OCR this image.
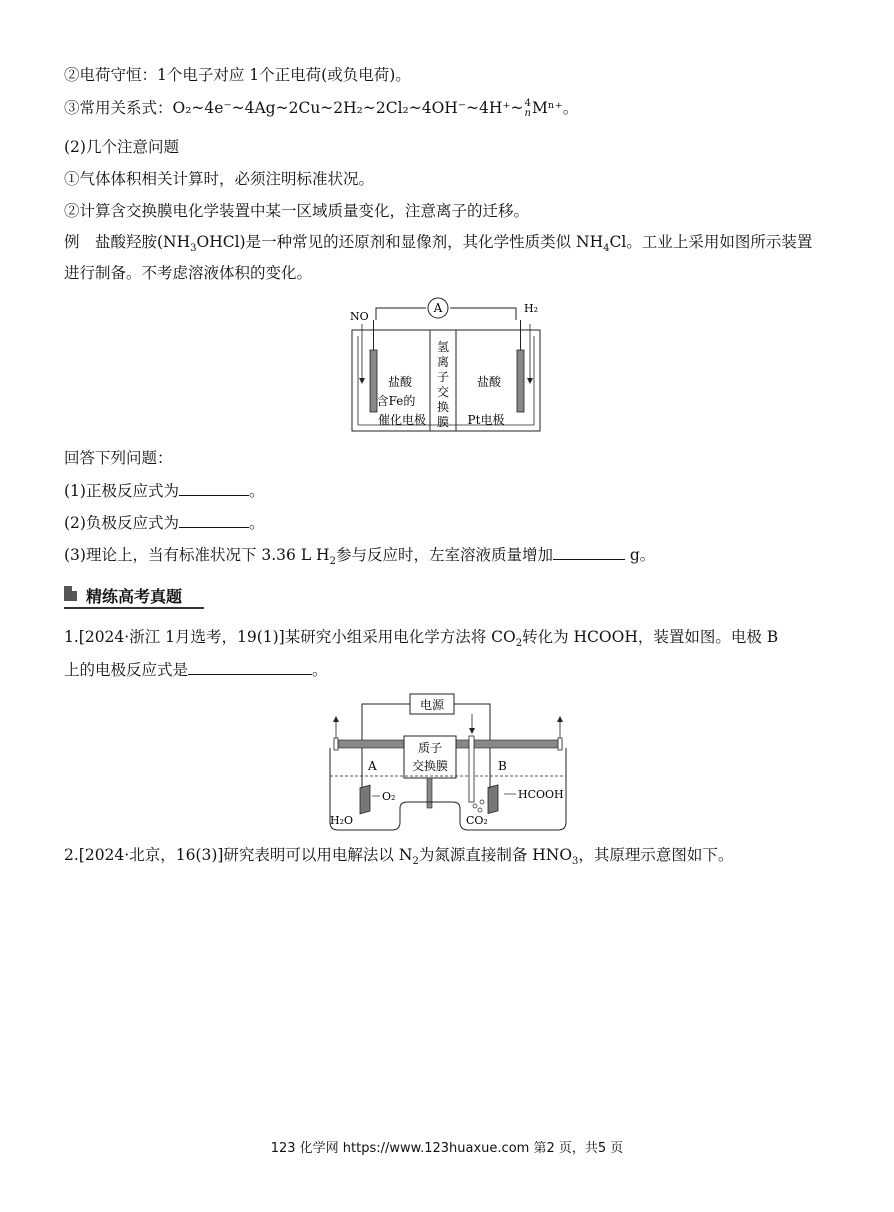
②电荷守恒：1个电子对应 1个正电荷(或负电荷)。
③常用关系式：O₂~4e⁻~4Ag~2Cu~2H₂~2Cl₂~4OH⁻~4H⁺~ 4
n Mⁿ⁺。
(2)几个注意问题
①气体体积相关计算时，必须注明标准状况。
②计算含交换膜电化学装置中某一区域质量变化，注意离子的迁移。
例　盐酸羟胺$(NH_3OHCl)$是一种常见的还原剂和显像剂，其化学性质类似 $NH_4Cl$。工业上采用如图所示装置进行制备。不考虑溶液体积的变化。
A
NO
H₂
盐酸
含Fe的
催化电极
氢
离
子
交
换
膜
盐酸
Pt电极
回答下列问题：
(1)正极反应式为	。
(2)负极反应式为	。
(3)理论上，当有标准状况下 3.36 L $H_2$参与反应时，左室溶液质量增加	g。
精练高考真题
1.[2024·浙江 1月选考，19(1)]某研究小组采用电化学方法将 $CO_2$转化为 HCOOH，装置如图。电极 B
上的电极反应式是	。
电源
质子
交换膜
A	B
H₂O
O₂
CO₂
HCOOH
2.[2024·北京，16(3)]研究表明可以用电解法以 $N_2$为氮源直接制备 $HNO_3$，其原理示意图如下。
123 化学网 https://www.123huaxue.com 第2 页，共5 页
